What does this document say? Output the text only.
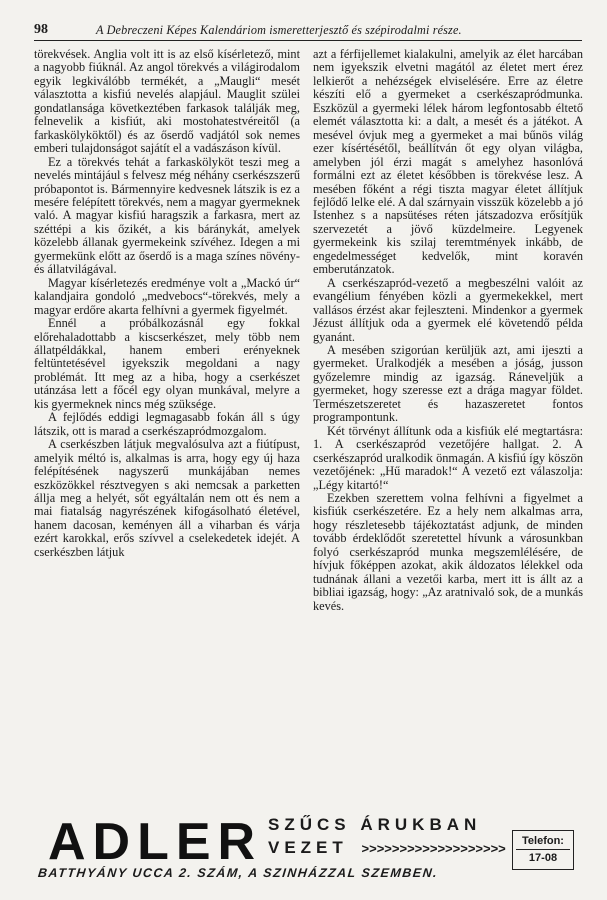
98	A Debreczeni Képes Kalendáriom ismeretterjesztő és szépirodalmi része.

törekvések. Anglia volt itt is az első kísérletező, mint a nagyobb fiúknál. Az angol törekvés a világirodalom egyik legkiválóbb termékét, a „Maugli“ mesét választotta a kisfiú nevelés alapjául. Mauglit szülei gondatlansága következtében farkasok találják meg, felnevelik a kisfiút, aki mostohatestvéreitől (a farkaskölyköktől) és az őserdő vadjától sok nemes emberi tulajdonságot sajátít el a vadászáson kívül.

Ez a törekvés tehát a farkaskölyköt teszi meg a nevelés mintájául s felvesz még néhány cserkészszerű próbapontot is. Bármennyire kedvesnek látszik is ez a mesére felépített törekvés, nem a magyar gyermeknek való. A magyar kisfiú haragszik a farkasra, mert az széttépi a kis őzikét, a kis báránykát, amelyek közelebb állanak gyermekeink szívéhez. Idegen a mi gyermekünk előtt az őserdő is a maga színes növény- és állatvilágával.

Magyar kísérletezés eredménye volt a „Mackó úr“ kalandjaira gondoló „medvebocs“-törekvés, mely a magyar erdőre akarta felhívni a gyermek figyelmét.

Ennél a próbálkozásnál egy fokkal előrehaladottabb a kiscserkészet, mely több nem állatpéldákkal, hanem emberi erényeknek feltüntetésével igyekszik megoldani a nagy problémát. Itt meg az a hiba, hogy a cserkészet utánzása lett a főcél egy olyan munkával, melyre a kis gyermeknek nincs még szüksége.

A fejlődés eddigi legmagasabb fokán áll s úgy látszik, ott is marad a cserkészapródmozgalom.

A cserkészben látjuk megvalósulva azt a fiútípust, amelyik méltó is, alkalmas is arra, hogy egy új haza felépítésének nagyszerű munkájában nemes eszközökkel résztvegyen s aki nemcsak a parketten állja meg a helyét, sőt egyáltalán nem ott és nem a mai fiatalság nagyrészének kifogásolható életével, hanem dacosan, keményen áll a viharban és várja ezért karokkal, erős szívvel a cselekedetek idejét. A cserkészben látjuk

azt a férfijellemet kialakulni, amelyik az élet harcában nem igyekszik elvetni magától az életet mert érez lelkierőt a nehézségek elviselésére. Erre az életre készíti elő a gyermeket a cserkészapródmunka. Eszközül a gyermeki lélek három legfontosabb éltető elemét választotta ki: a dalt, a mesét és a játékot. A mesével óvjuk meg a gyermeket a mai bűnös világ ezer kísértésétől, beállítván őt egy olyan világba, amelyben jól érzi magát s amelyhez hasonlóvá formálni ezt az életet későbben is törekvése lesz. A mesében főként a régi tiszta magyar életet állítjuk fejlődő lelke elé. A dal szárnyain visszük közelebb a jó Istenhez s a napsütéses réten játszadozva erősítjük szervezetét a jövő küzdelmeire. Legyenek gyermekeink kis szilaj teremtmények inkább, de engedelmességet kedvelők, mint koravén emberutánzatok.

A cserkészapród-vezető a megbeszélni valóit az evangélium fényében közli a gyermekekkel, mert vallásos érzést akar fejleszteni. Mindenkor a gyermek Jézust állítjuk oda a gyermek elé követendő példa gyanánt.

A mesében szigorúan kerüljük azt, ami ijeszti a gyermeket. Uralkodjék a mesében a jóság, jusson győzelemre mindig az igazság. Ráneveljük a gyermeket, hogy szeresse ezt a drága magyar földet. Természetszeretet és hazaszeretet fontos programpontunk.

Két törvényt állítunk oda a kisfiúk elé megtartásra: 1. A cserkészapród vezetőjére hallgat. 2. A cserkészapród uralkodik önmagán. A kisfiú így köszön vezetőjének: „Hű maradok!“ A vezető ezt válaszolja: „Légy kitartó!“

Ezekben szerettem volna felhívni a figyelmet a kisfiúk cserkészetére. Ez a hely nem alkalmas arra, hogy részletesebb tájékoztatást adjunk, de minden tovább érdeklődőt szeretettel hívunk a városunkban folyó cserkészapród munka megszemlélésére, de hívjuk főképpen azokat, akik áldozatos lélekkel oda tudnának állani a vezetői karba, mert itt is állt az a bibliai igazság, hogy: „Az aratnivaló sok, de a munkás kevés.

ADLER SZŰCS ÁRUKBAN
VEZET >>>>>>>>>>>>>>>>>>>
BATTHYÁNY UCCA 2. SZÁM, A SZINHÁZZAL SZEMBEN.
Telefon:
17-08
